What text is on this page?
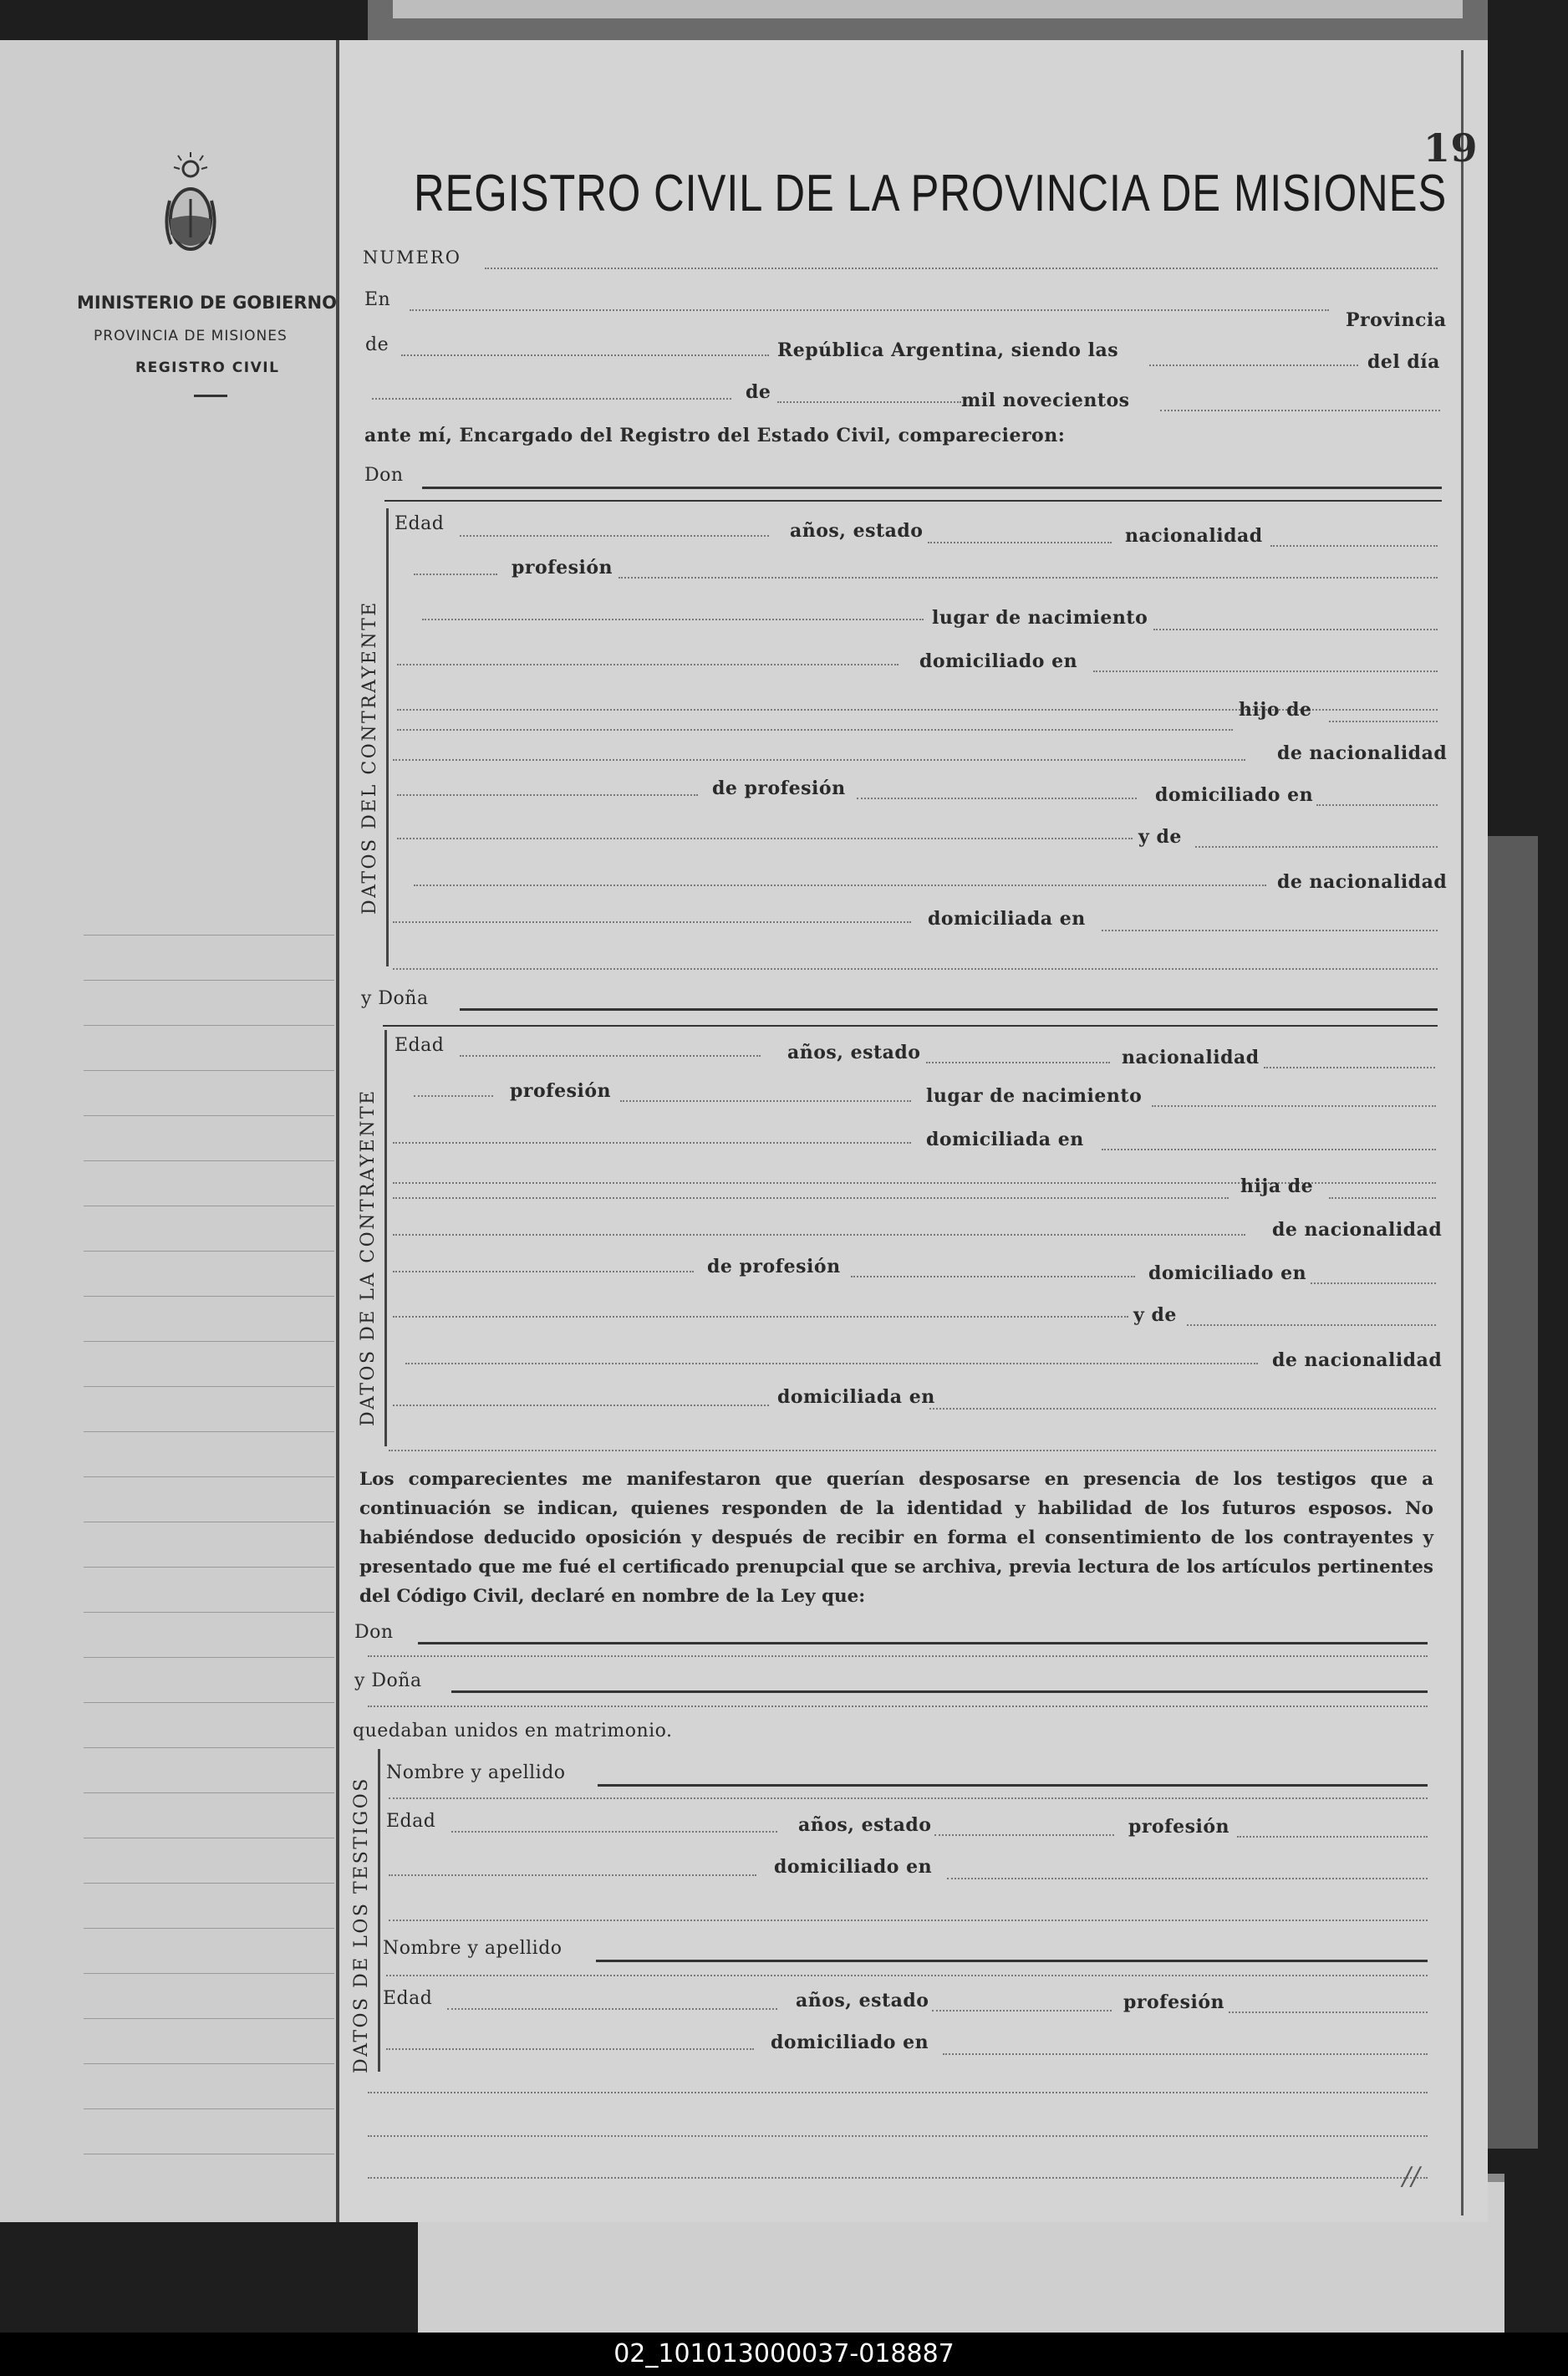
MINISTERIO DE GOBIERNO
PROVINCIA DE MISIONES
REGISTRO CIVIL
REGISTRO CIVIL DE LA PROVINCIA DE MISIONES
19
NUMERO
En
Provincia
de	República Argentina, siendo las
del día
de	mil novecientos
ante mí, Encargado del Registro del Estado Civil, comparecieron:
Don
DATOS DEL CONTRAYENTE
Edad	años, estado	nacionalidad
profesión
lugar de nacimiento
domiciliado en
hijo de
de nacionalidad
de profesión	domiciliado en
y de
de nacionalidad
domiciliada en
y Doña
DATOS DE LA CONTRAYENTE
Edad	años, estado	nacionalidad
profesión	lugar de nacimiento
domiciliada en
hija de
de nacionalidad
de profesión	domiciliado en
y de
de nacionalidad
domiciliada en
Los comparecientes me manifestaron que querían desposarse en presencia de los testigos que a continuación se indican, quienes responden de la identidad y habilidad de los futuros esposos. No habiéndose deducido oposición y después de recibir en forma el consentimiento de los contrayentes y presentado que me fué el certificado prenupcial que se archiva, previa lectura de los artículos pertinentes del Código Civil, declaré en nombre de la Ley que:
Don
y Doña
quedaban unidos en matrimonio.
DATOS DE LOS TESTIGOS
Nombre y apellido
Edad	años, estado	profesión
domiciliado en
Nombre y apellido
Edad	años, estado	profesión
domiciliado en
//
02_101013000037-018887
